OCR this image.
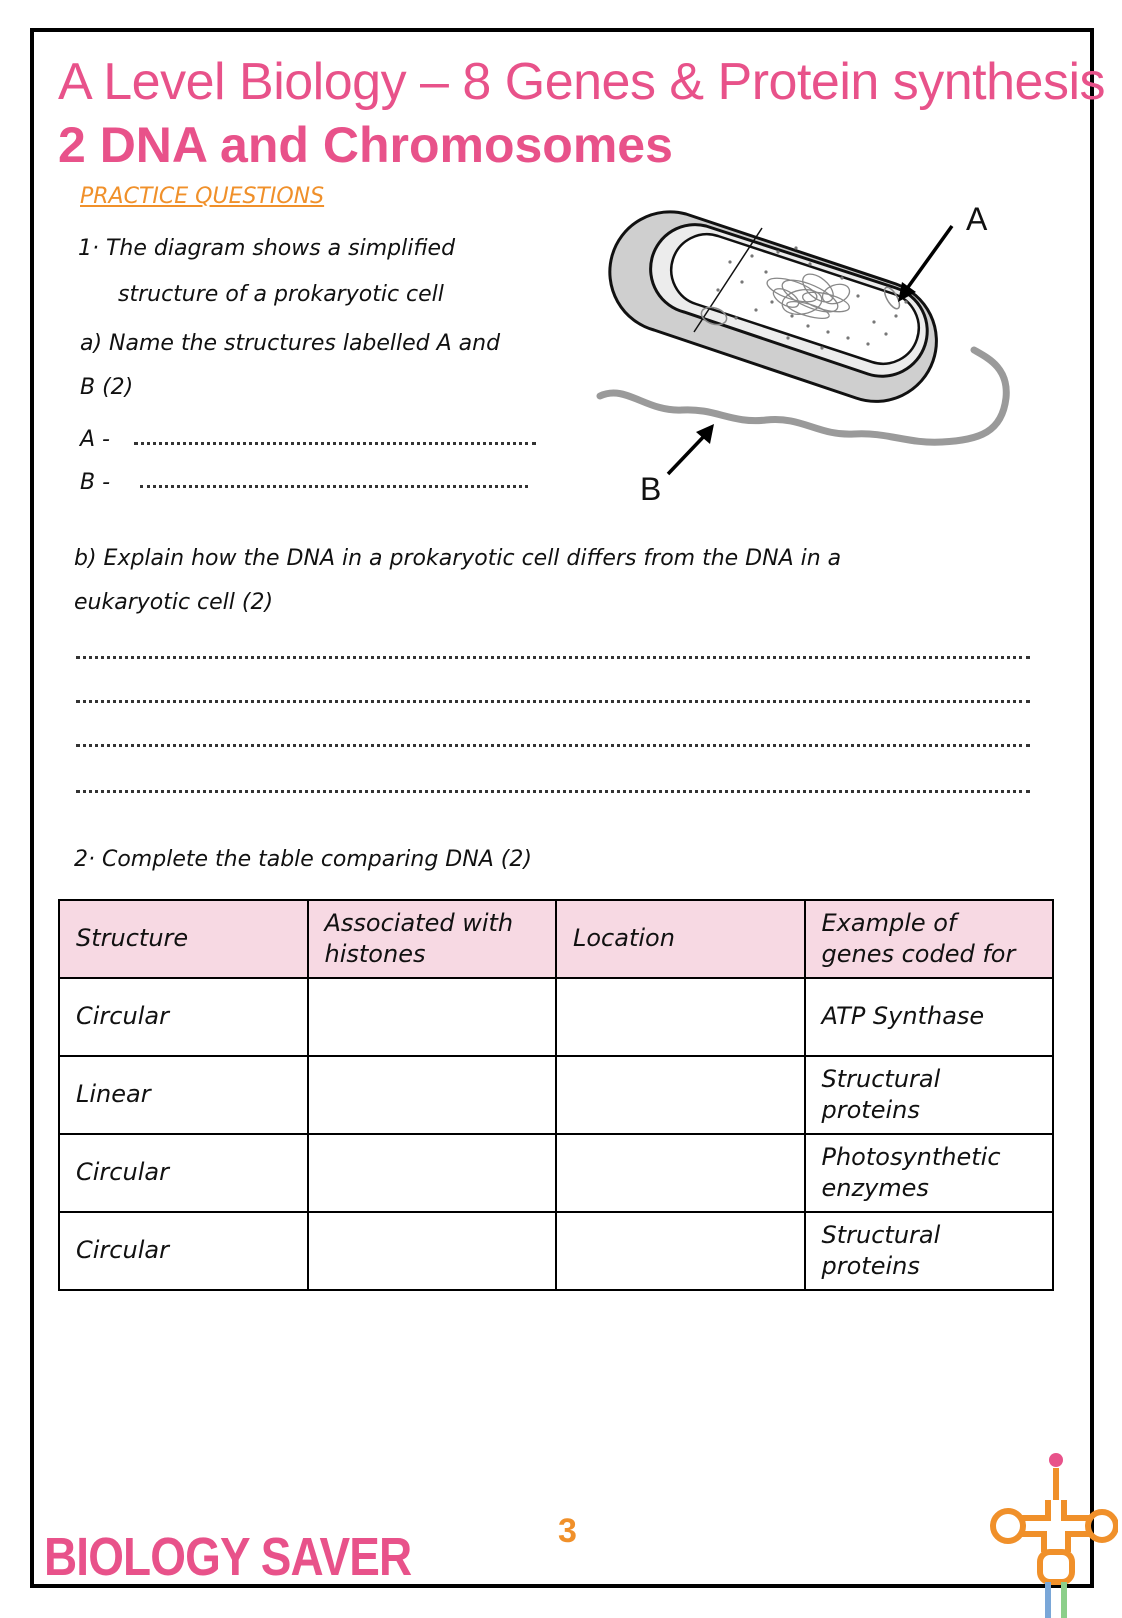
A Level Biology – 8 Genes & Protein synthesis
2 DNA and Chromosomes

PRACTICE QUESTIONS

1· The diagram shows a simplified

structure of a prokaryotic cell

a) Name the structures labelled A and

B (2)

A -

B -

A
B

b) Explain how the DNA in a prokaryotic cell differs from the DNA in a

eukaryotic cell (2)

2· Complete the table comparing DNA (2)

Structure	Associated with histones	Location	Example of genes coded for
Circular			ATP Synthase
Linear			Structural proteins
Circular			Photosynthetic enzymes
Circular			Structural proteins

BIOLOGY SAVER	3
